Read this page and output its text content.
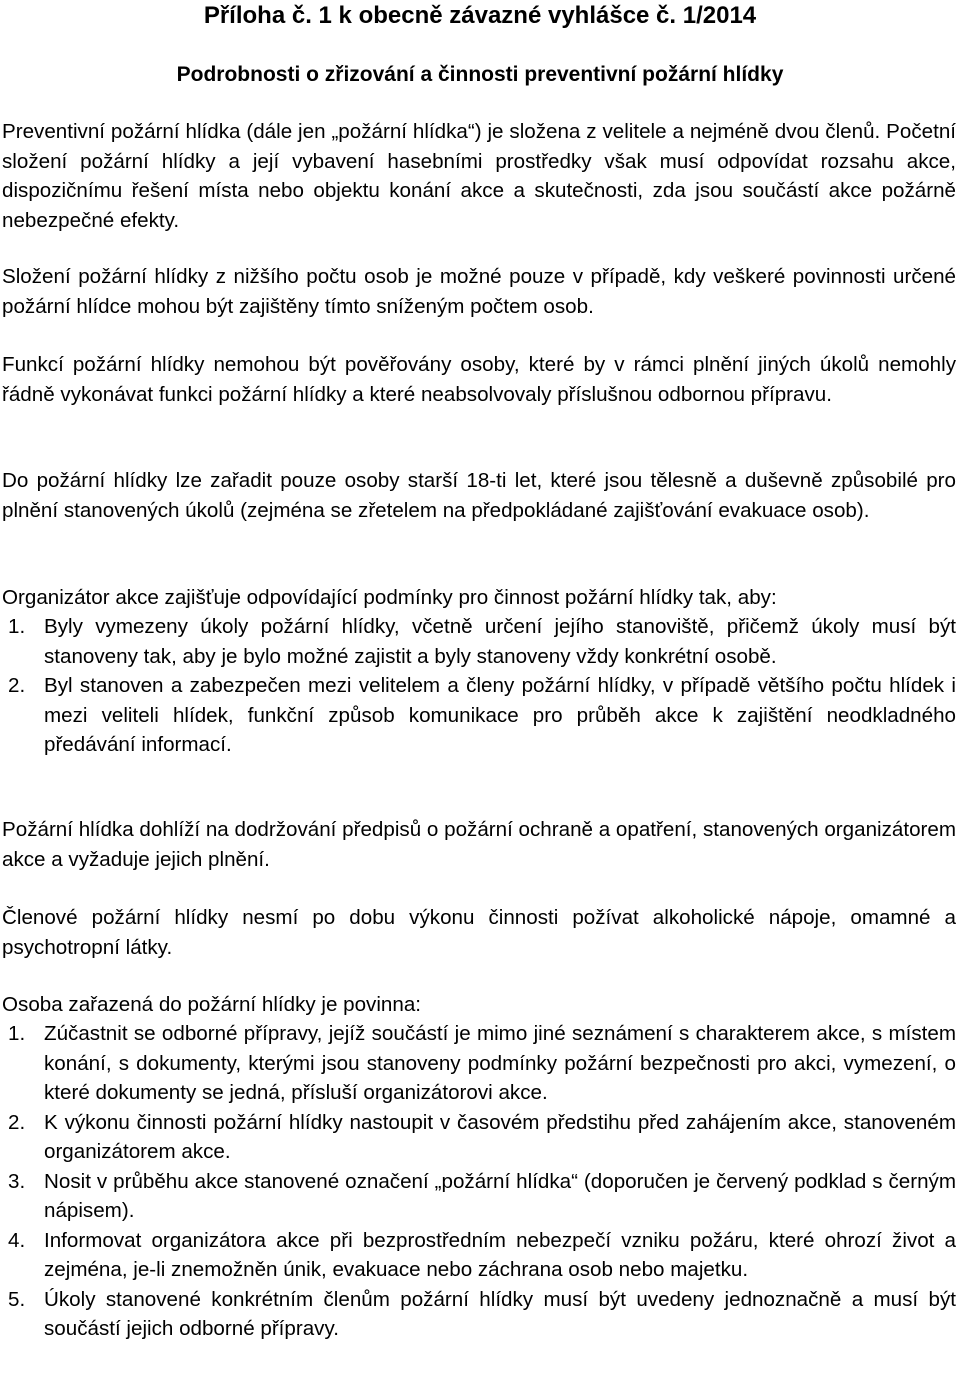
Příloha č. 1 k obecně závazné vyhlášce č. 1/2014
Podrobnosti o zřizování a činnosti preventivní požární hlídky

Preventivní požární hlídka (dále jen „požární hlídka“) je složena z velitele a nejméně dvou členů. Početní složení požární hlídky a její vybavení hasebními prostředky však musí odpovídat rozsahu akce, dispozičnímu řešení místa nebo objektu konání akce a skutečnosti, zda jsou součástí akce požárně nebezpečné efekty.

Složení požární hlídky z nižšího počtu osob je možné pouze v případě, kdy veškeré povinnosti určené požární hlídce mohou být zajištěny tímto sníženým počtem osob.

Funkcí požární hlídky nemohou být pověřovány osoby, které by v rámci plnění jiných úkolů nemohly řádně vykonávat funkci požární hlídky a které neabsolvovaly příslušnou odbornou přípravu.

Do požární hlídky lze zařadit pouze osoby starší 18-ti let, které jsou tělesně a duševně způsobilé pro plnění stanovených úkolů (zejména se zřetelem na předpokládané zajišťování evakuace osob).

Organizátor akce zajišťuje odpovídající podmínky pro činnost požární hlídky tak, aby:

1. Byly vymezeny úkoly požární hlídky, včetně určení jejího stanoviště, přičemž úkoly musí být stanoveny tak, aby je bylo možné zajistit a byly stanoveny vždy konkrétní osobě.
2. Byl stanoven a zabezpečen mezi velitelem a členy požární hlídky, v případě většího počtu hlídek i mezi veliteli hlídek, funkční způsob komunikace pro průběh akce k zajištění neodkladného předávání informací.

Požární hlídka dohlíží na dodržování předpisů o požární ochraně a opatření, stanovených organizátorem akce a vyžaduje jejich plnění.

Členové požární hlídky nesmí po dobu výkonu činnosti požívat alkoholické nápoje, omamné a psychotropní látky.

Osoba zařazená do požární hlídky je povinna:

1. Zúčastnit se odborné přípravy, jejíž součástí je mimo jiné seznámení s charakterem akce, s místem konání, s dokumenty, kterými jsou stanoveny podmínky požární bezpečnosti pro akci, vymezení, o které dokumenty se jedná, přísluší organizátorovi akce.
2. K výkonu činnosti požární hlídky nastoupit v časovém předstihu před zahájením akce, stanoveném organizátorem akce.
3. Nosit v průběhu akce stanovené označení „požární hlídka“ (doporučen je červený podklad s černým nápisem).
4. Informovat organizátora akce při bezprostředním nebezpečí vzniku požáru, které ohrozí život a zejména, je-li znemožněn únik, evakuace nebo záchrana osob nebo majetku.
5. Úkoly stanovené konkrétním členům požární hlídky musí být uvedeny jednoznačně a musí být součástí jejich odborné přípravy.
